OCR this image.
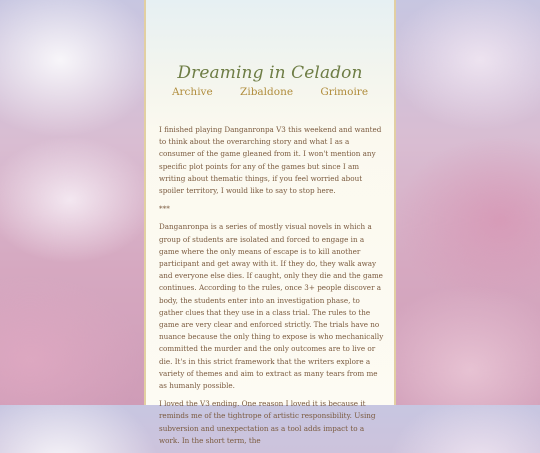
Dreaming in Celadon
Archive	Zibaldone	Grimoire

I finished playing Danganronpa V3 this weekend and wanted to think about the overarching story and what I as a consumer of the game gleaned from it. I won't mention any specific plot points for any of the games but since I am writing about thematic things, if you feel worried about spoiler territory, I would like to say to stop here.

***

Danganronpa is a series of mostly visual novels in which a group of students are isolated and forced to engage in a game where the only means of escape is to kill another participant and get away with it. If they do, they walk away and everyone else dies. If caught, only they die and the game continues. According to the rules, once 3+ people discover a body, the students enter into an investigation phase, to gather clues that they use in a class trial. The rules to the game are very clear and enforced strictly. The trials have no nuance because the only thing to expose is who mechanically committed the murder and the only outcomes are to live or die. It's in this strict framework that the writers explore a variety of themes and aim to extract as many tears from me as humanly possible.

I loved the V3 ending. One reason I loved it is because it reminds me of the tightrope of artistic responsibility. Using subversion and unexpectation as a tool adds impact to a work. In the short term, the
